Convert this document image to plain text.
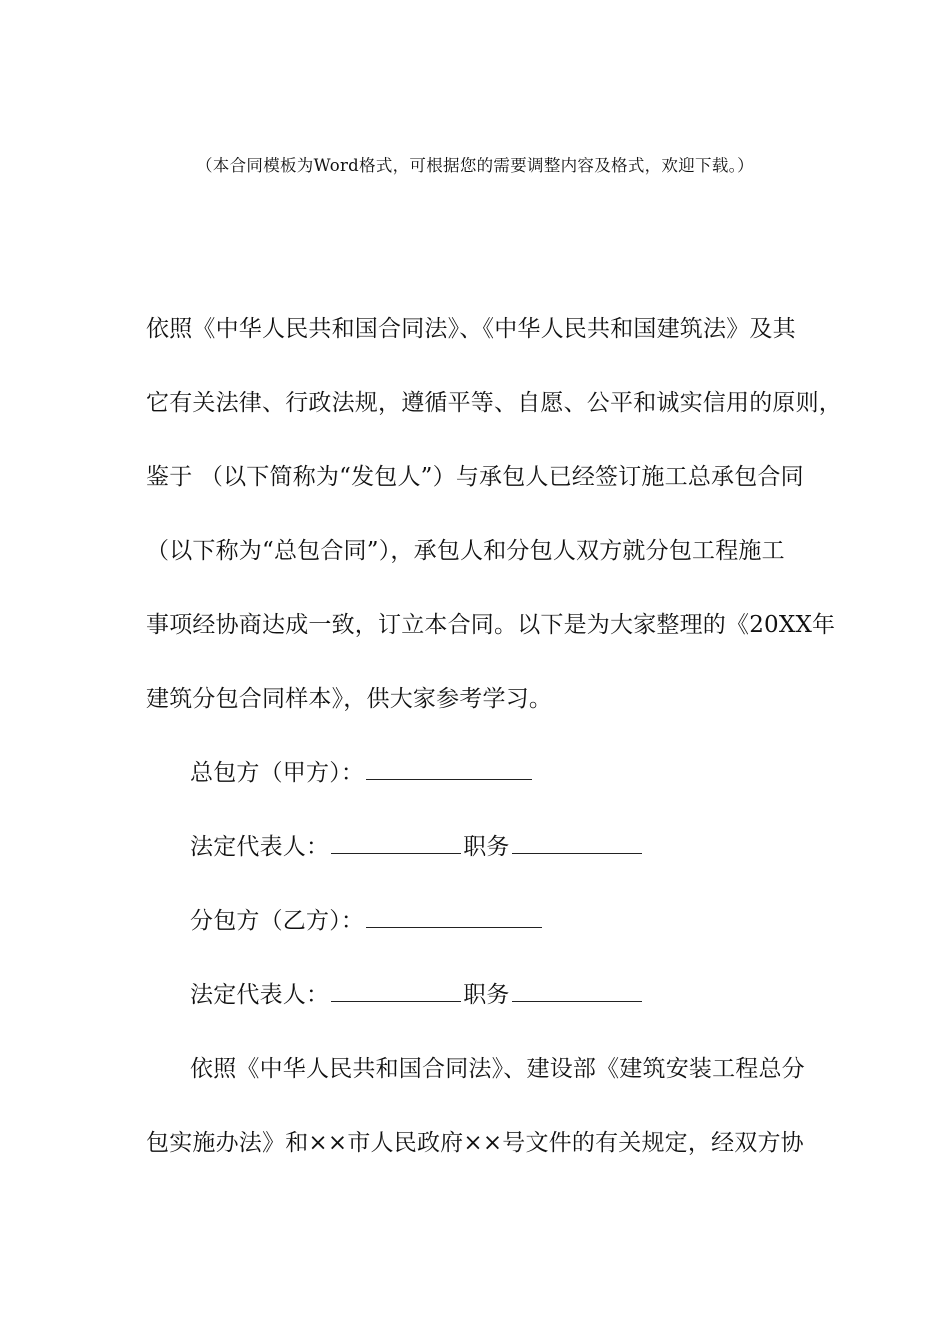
（本合同模板为Word格式，可根据您的需要调整内容及格式，欢迎下载。）
依照《中华人民共和国合同法》、《中华人民共和国建筑法》及其
它有关法律、行政法规，遵循平等、自愿、公平和诚实信用的原则，
鉴于 （以下简称为“发包人”）与承包人已经签订施工总承包合同
（以下称为“总包合同”），承包人和分包人双方就分包工程施工
事项经协商达成一致，订立本合同。以下是为大家整理的《20XX年
建筑分包合同样本》，供大家参考学习。
总包方（甲方）：
法定代表人：	职务
分包方（乙方）：
法定代表人：	职务
依照《中华人民共和国合同法》、建设部《建筑安装工程总分
包实施办法》和××市人民政府××号文件的有关规定，经双方协
